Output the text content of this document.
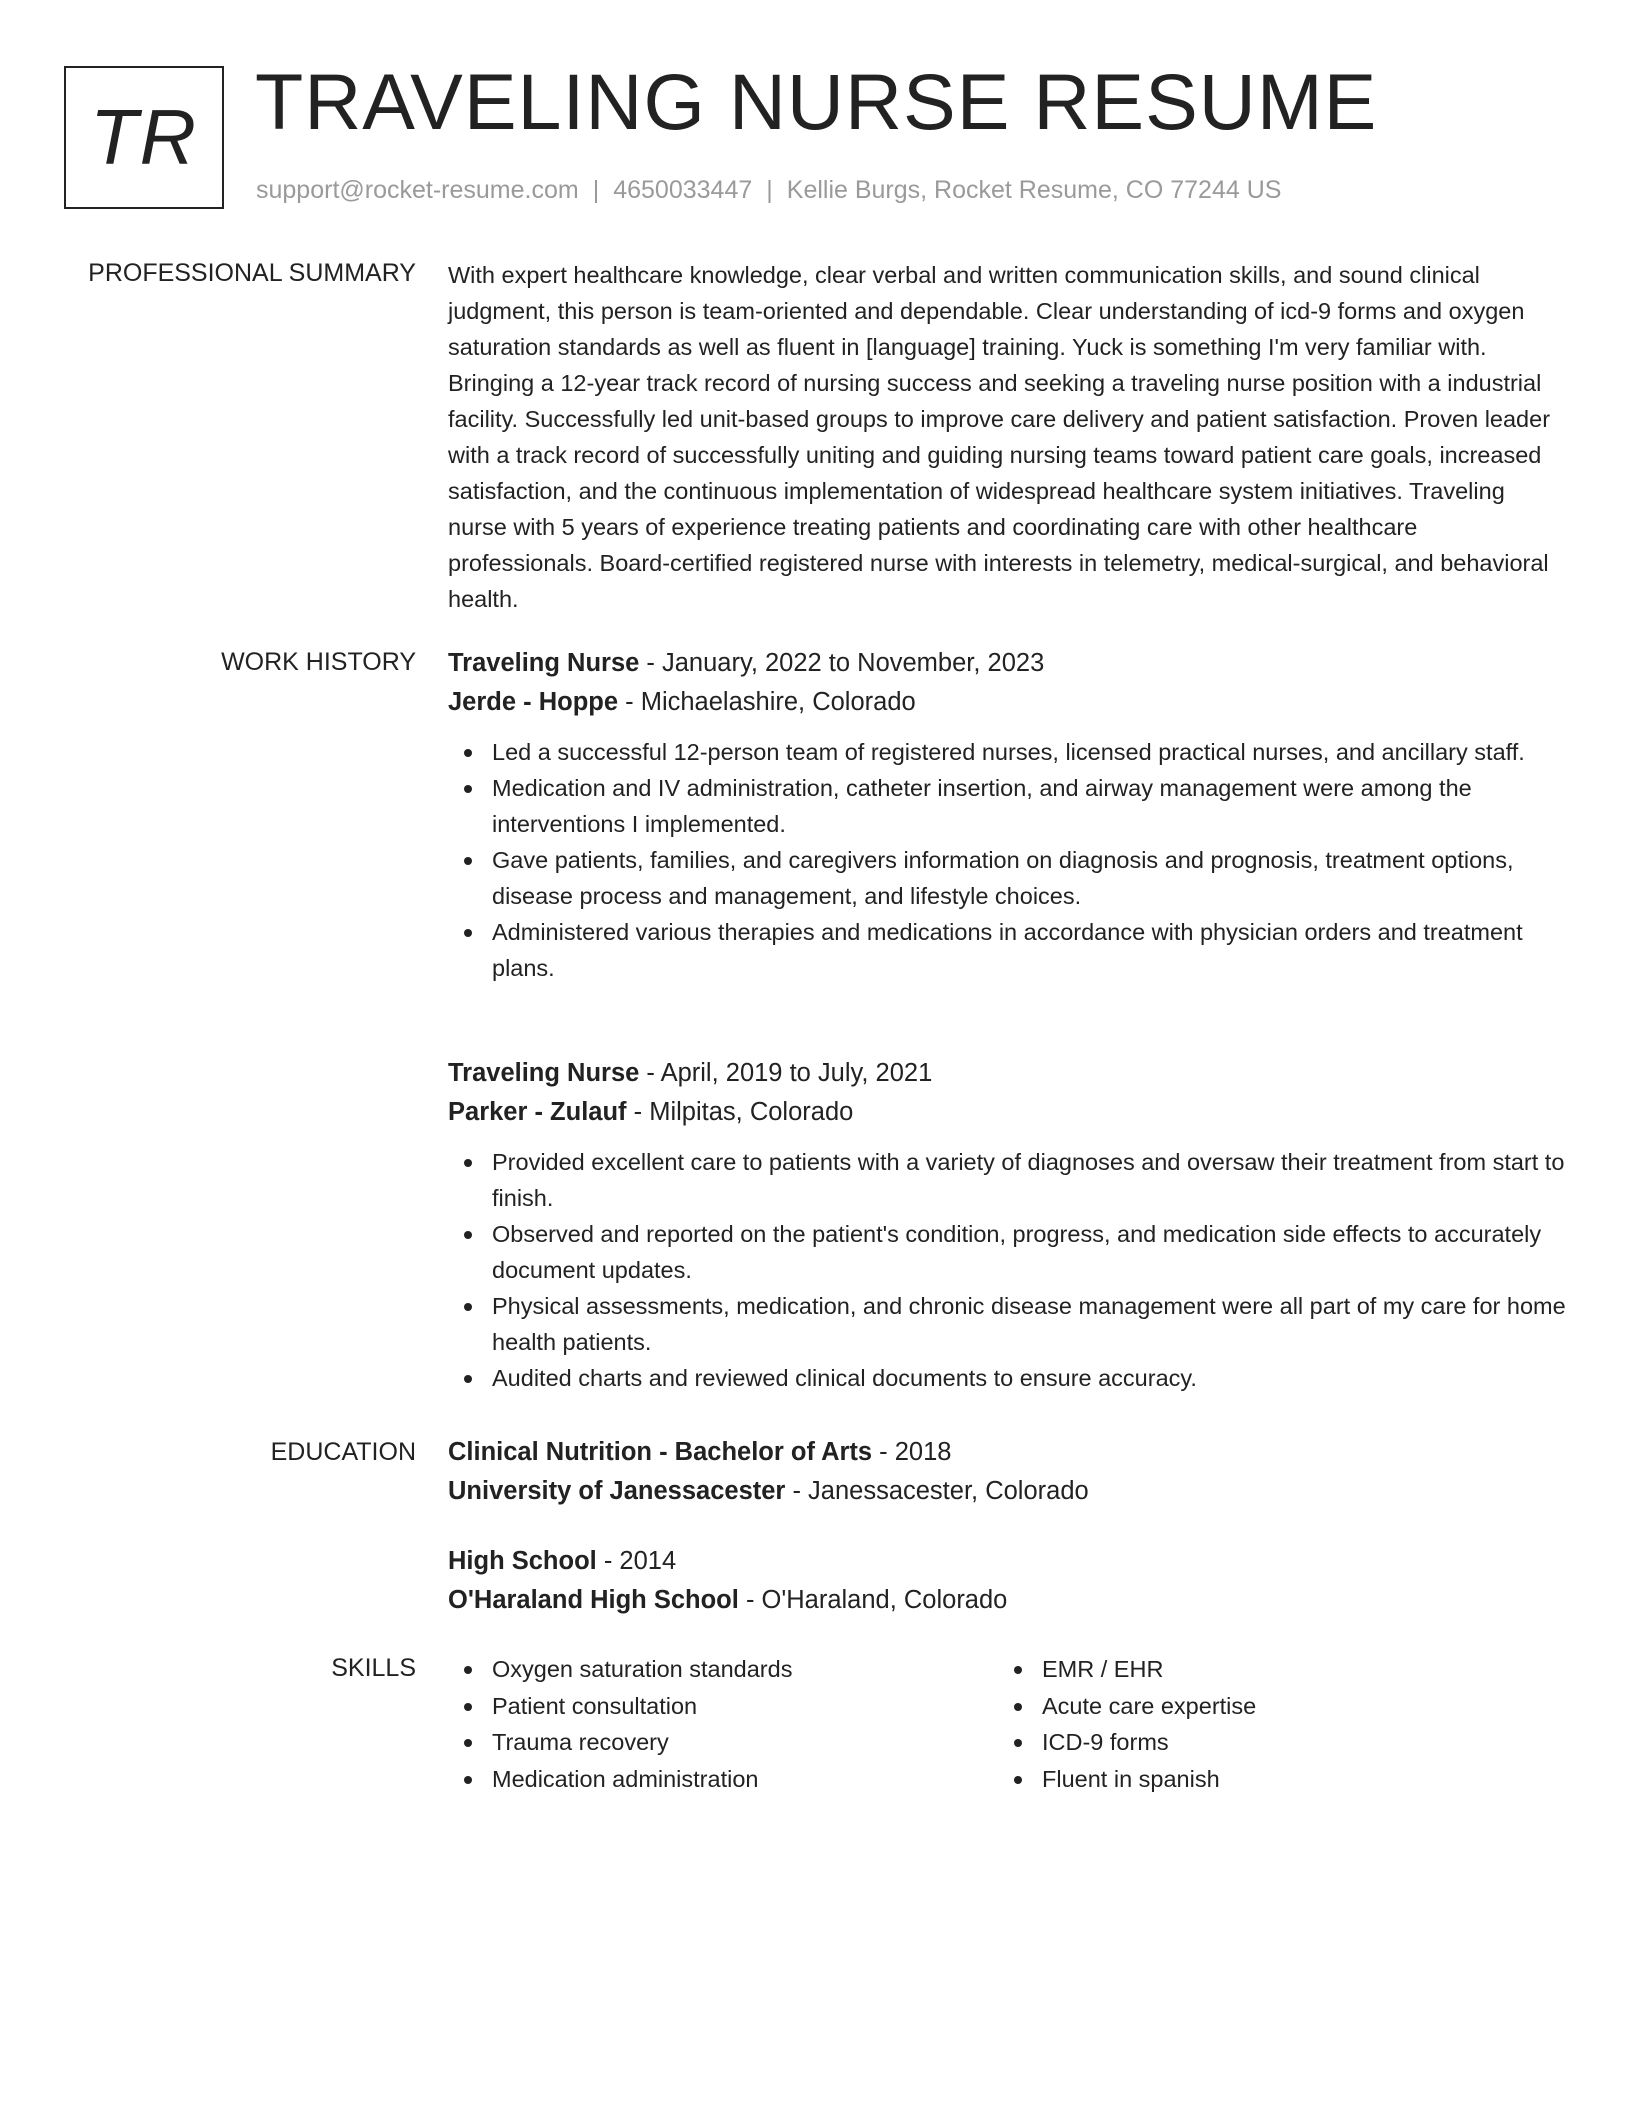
TR TRAVELING NURSE RESUME
support@rocket-resume.com | 4650033447 | Kellie Burgs, Rocket Resume, CO 77244 US
PROFESSIONAL SUMMARY With expert healthcare knowledge, clear verbal and written communication skills, and sound clinical judgment, this person is team-oriented and dependable. Clear understanding of icd-9 forms and oxygen saturation standards as well as fluent in [language] training. Yuck is something I'm very familiar with. Bringing a 12-year track record of nursing success and seeking a traveling nurse position with a industrial facility. Successfully led unit-based groups to improve care delivery and patient satisfaction. Proven leader with a track record of successfully uniting and guiding nursing teams toward patient care goals, increased satisfaction, and the continuous implementation of widespread healthcare system initiatives. Traveling nurse with 5 years of experience treating patients and coordinating care with other healthcare professionals. Board-certified registered nurse with interests in telemetry, medical-surgical, and behavioral health.
WORK HISTORY Traveling Nurse - January, 2022 to November, 2023
Jerde - Hoppe - Michaelashire, Colorado
Led a successful 12-person team of registered nurses, licensed practical nurses, and ancillary staff.
Medication and IV administration, catheter insertion, and airway management were among the interventions I implemented.
Gave patients, families, and caregivers information on diagnosis and prognosis, treatment options, disease process and management, and lifestyle choices.
Administered various therapies and medications in accordance with physician orders and treatment plans.
Traveling Nurse - April, 2019 to July, 2021
Parker - Zulauf - Milpitas, Colorado
Provided excellent care to patients with a variety of diagnoses and oversaw their treatment from start to finish.
Observed and reported on the patient's condition, progress, and medication side effects to accurately document updates.
Physical assessments, medication, and chronic disease management were all part of my care for home health patients.
Audited charts and reviewed clinical documents to ensure accuracy.
EDUCATION Clinical Nutrition - Bachelor of Arts - 2018
University of Janessacester - Janessacester, Colorado
High School - 2014
O'Haraland High School - O'Haraland, Colorado
SKILLS	Oxygen saturation standards
Patient consultation
Trauma recovery
Medication administration
EMR / EHR
Acute care expertise
ICD-9 forms
Fluent in spanish
